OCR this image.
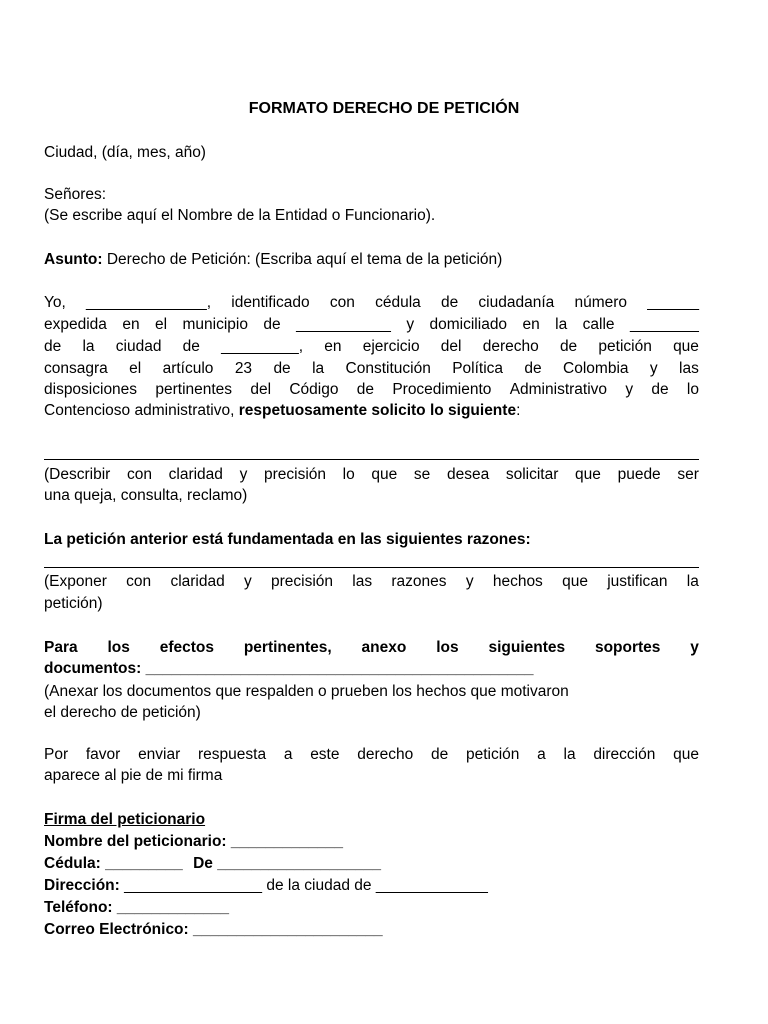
FORMATO DERECHO DE PETICIÓN
Ciudad, (día, mes, año)
Señores:
(Se escribe aquí el Nombre de la Entidad o Funcionario).
Asunto: Derecho de Petición: (Escriba aquí el tema de la petición)
Yo, ______________, identificado con cédula de ciudadanía número ______
expedida en el municipio de ___________ y domiciliado en la calle ________
de la ciudad de _________, en ejercicio del derecho de petición que
consagra el artículo 23 de la Constitución Política de Colombia y las
disposiciones pertinentes del Código de Procedimiento Administrativo y de lo
Contencioso administrativo, respetuosamente solicito lo siguiente:
(Describir con claridad y precisión lo que se desea solicitar que puede ser
una queja, consulta, reclamo)
La petición anterior está fundamentada en las siguientes razones:
(Exponer con claridad y precisión las razones y hechos que justifican la
petición)
Para los efectos pertinentes, anexo los siguientes soportes y
documentos: _____________________________________________
(Anexar los documentos que respalden o prueben los hechos que motivaron
el derecho de petición)
Por favor enviar respuesta a este derecho de petición a la dirección que
aparece al pie de mi firma
Firma del peticionario
Nombre del peticionario: _____________
Cédula: _________ De ___________________
Dirección: ________________ de la ciudad de _____________
Teléfono: _____________
Correo Electrónico: ______________________
